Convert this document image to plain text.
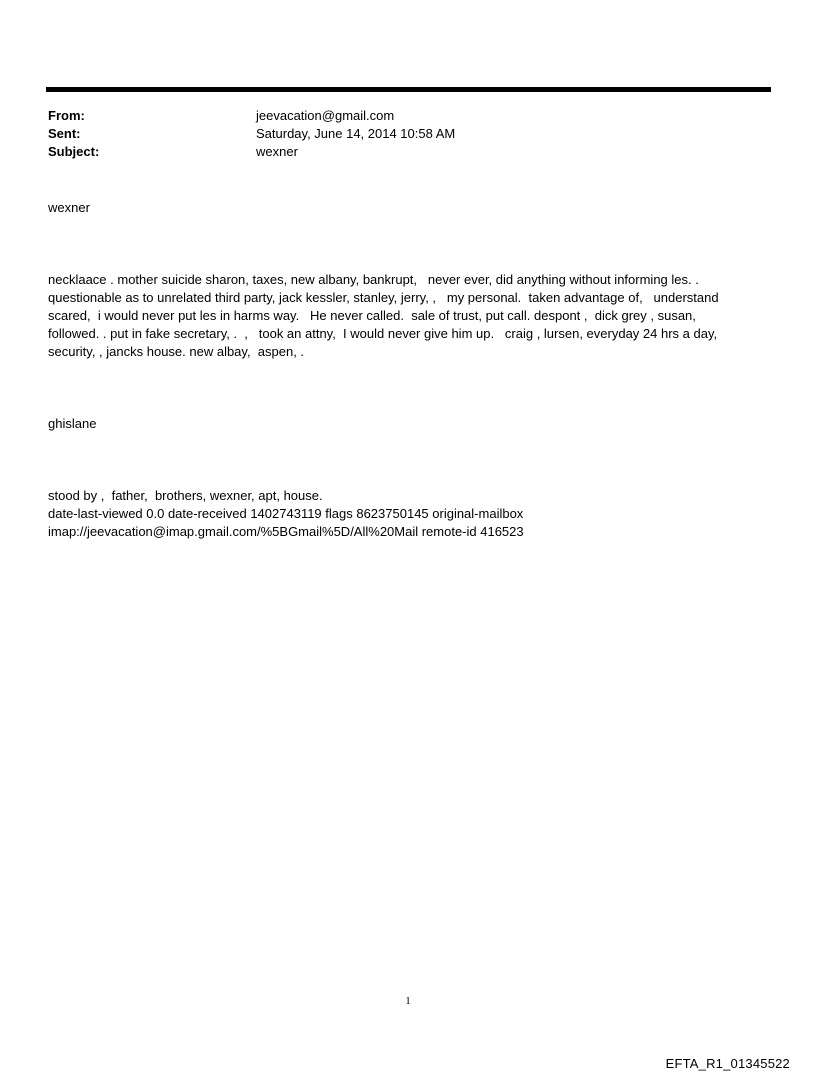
From:	jeevacation@gmail.com
Sent:	Saturday, June 14, 2014 10:58 AM
Subject:	wexner

wexner

necklaace . mother suicide sharon, taxes, new albany, bankrupt,   never ever, did anything without informing les. .
questionable as to unrelated third party, jack kessler, stanley, jerry, ,   my personal.  taken advantage of,   understand
scared,  i would never put les in harms way.   He never called.  sale of trust, put call. despont ,  dick grey , susan,
followed. . put in fake secretary, .  ,   took an attny,  I would never give him up.   craig , lursen, everyday 24 hrs a day,
security, , jancks house. new albay,  aspen, .

ghislane

stood by ,  father,  brothers, wexner, apt, house.
date-last-viewed 0.0 date-received 1402743119 flags 8623750145 original-mailbox
imap://jeevacation@imap.gmail.com/%5BGmail%5D/All%20Mail remote-id 416523

1
EFTA_R1_01345522
